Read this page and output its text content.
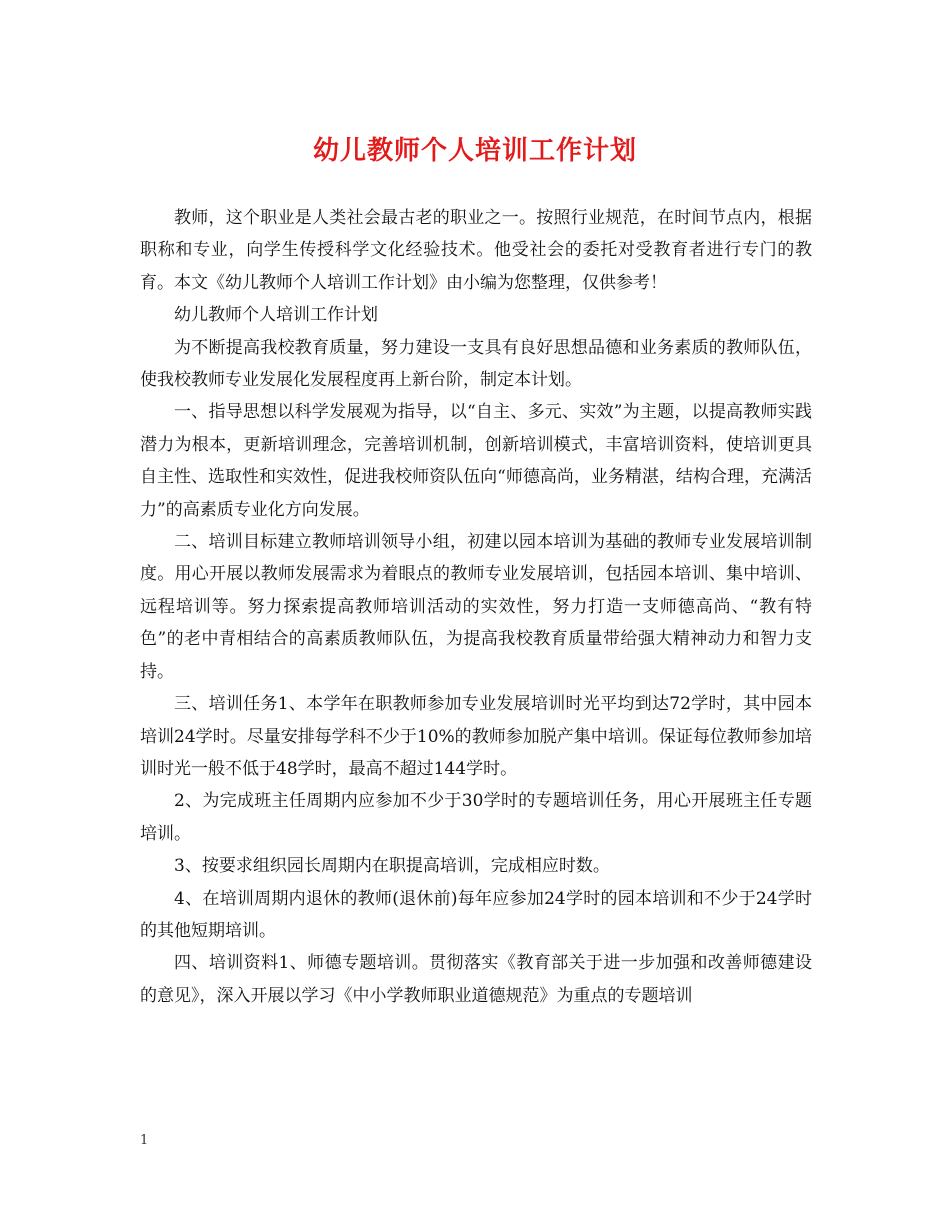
幼儿教师个人培训工作计划

教师，这个职业是人类社会最古老的职业之一。按照行业规范，在时间节点内，根据职称和专业，向学生传授科学文化经验技术。他受社会的委托对受教育者进行专门的教育。本文《幼儿教师个人培训工作计划》由小编为您整理，仅供参考！

幼儿教师个人培训工作计划

为不断提高我校教育质量，努力建设一支具有良好思想品德和业务素质的教师队伍，使我校教师专业发展化发展程度再上新台阶，制定本计划。

一、指导思想以科学发展观为指导，以“自主、多元、实效”为主题，以提高教师实践潜力为根本，更新培训理念，完善培训机制，创新培训模式，丰富培训资料，使培训更具自主性、选取性和实效性，促进我校师资队伍向“师德高尚，业务精湛，结构合理，充满活力”的高素质专业化方向发展。

二、培训目标建立教师培训领导小组，初建以园本培训为基础的教师专业发展培训制度。用心开展以教师发展需求为着眼点的教师专业发展培训，包括园本培训、集中培训、远程培训等。努力探索提高教师培训活动的实效性，努力打造一支师德高尚、“教有特色”的老中青相结合的高素质教师队伍，为提高我校教育质量带给强大精神动力和智力支持。

三、培训任务1、本学年在职教师参加专业发展培训时光平均到达72学时，其中园本培训24学时。尽量安排每学科不少于10%的教师参加脱产集中培训。保证每位教师参加培训时光一般不低于48学时，最高不超过144学时。

2、为完成班主任周期内应参加不少于30学时的专题培训任务，用心开展班主任专题培训。

3、按要求组织园长周期内在职提高培训，完成相应时数。

4、在培训周期内退休的教师(退休前)每年应参加24学时的园本培训和不少于24学时的其他短期培训。

四、培训资料1、师德专题培训。贯彻落实《教育部关于进一步加强和改善师德建设的意见》，深入开展以学习《中小学教师职业道德规范》为重点的专题培训

1
